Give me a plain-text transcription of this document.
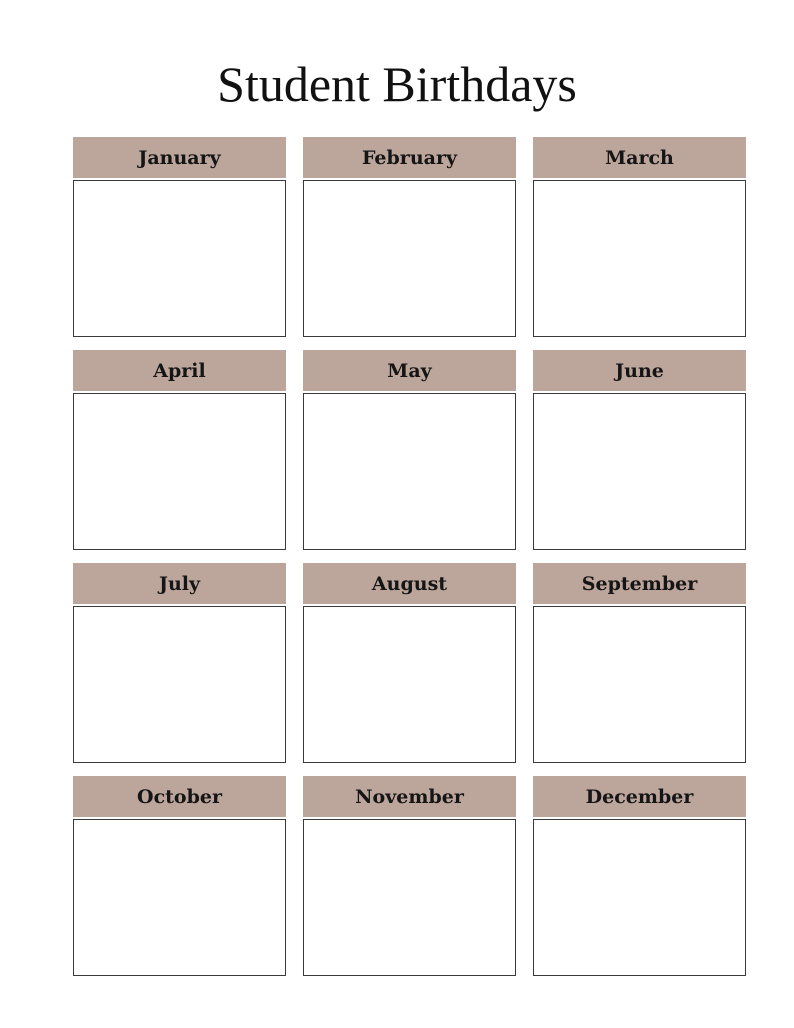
Student Birthdays
January	February	March
April	May	June
July	August	September
October	November	December
